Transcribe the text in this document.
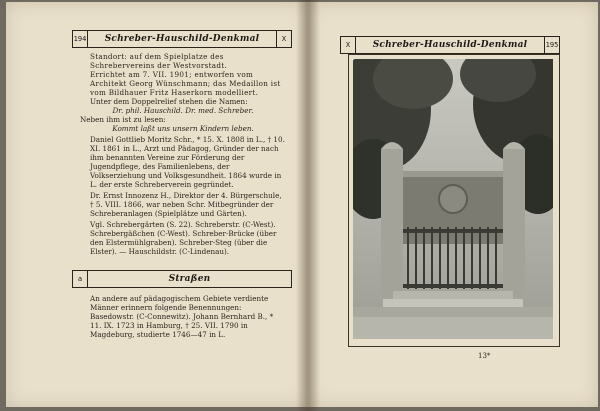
194	Schreber-Hauschild-Denkmal	X

Standort: auf dem Spielplatze des Schrebervereins der Westvorstadt.

Errichtet am 7. VII. 1901; entworfen vom Architekt Georg Wünschmann; das Medaillon ist vom Bildhauer Fritz Haserkorn modelliert.

Unter dem Doppelrelief stehen die Namen:

Dr. phil. Hauschild. Dr. med. Schreber.

Neben ihm ist zu lesen:

Kommt laßt uns unsern Kindern leben.

Daniel Gottlieb Moritz Schr., * 15. X. 1808 in L., † 10. XI. 1861 in L., Arzt und Pädagog, Gründer der nach ihm benannten Vereine zur Förderung der Jugendpflege, des Familienlebens, der Volkserziehung und Volksgesundheit. 1864 wurde in L. der erste Schreberverein gegründet.

Dr. Ernst Innozenz H., Direktor der 4. Bürgerschule, † 5. VIII. 1866, war neben Schr. Mitbegründer der Schreberanlagen (Spielplätze und Gärten).

Vgl. Schrebergärten (S. 22). Schreberstr. (C-West). Schrebergäßchen (C-West). Schreber-Brücke (über den Elstermühlgraben). Schreber-Steg (über die Elster). — Hauschildstr. (C-Lindenau).

a	Straßen

An andere auf pädagogischem Gebiete verdiente Männer erinnern folgende Benennungen: Basedowstr. (C-Connewitz). Johann Bernhard B., * 11. IX. 1723 in Hamburg, † 25. VII. 1790 in Magdeburg, studierte 1746—47 in L.

X	Schreber-Hauschild-Denkmal	195
13*
